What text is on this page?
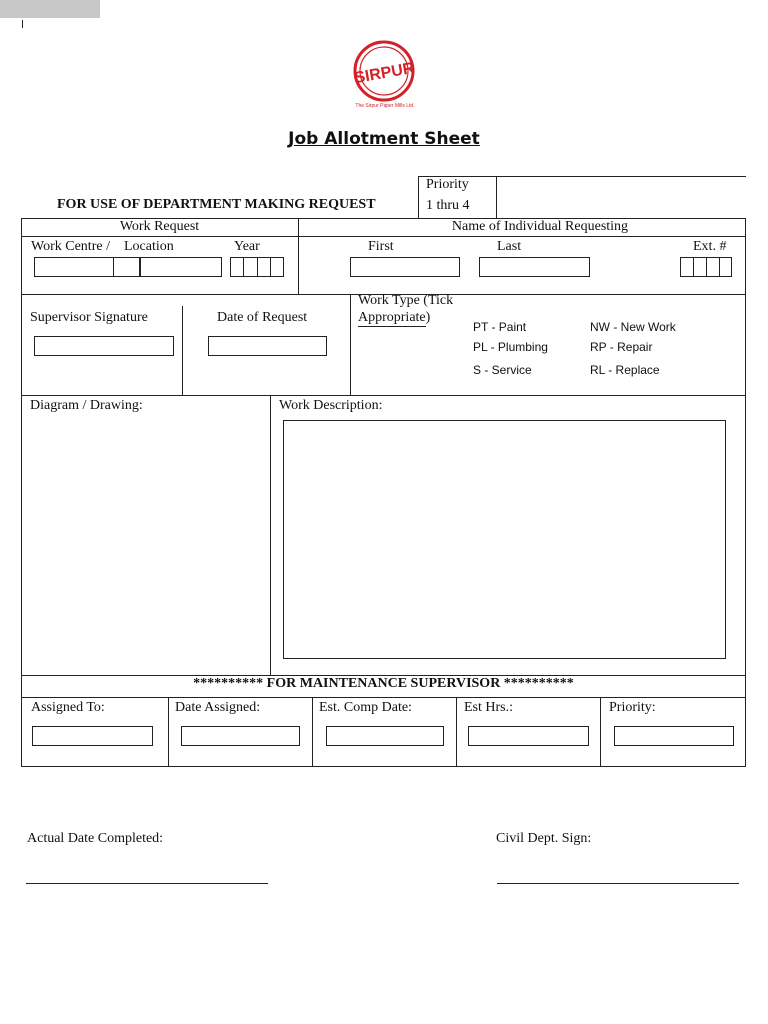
SIRPUR
The Sirpur Paper Mills Ltd.
Job Allotment Sheet
Priority
1 thru 4
FOR USE OF DEPARTMENT MAKING REQUEST
Work Request	Name of Individual Requesting
Work Centre / Location	Year	First	Last	Ext. #
Supervisor Signature	Date of Request
Work Type (Tick
Appropriate)
PT - Paint	NW - New Work
PL - Plumbing	RP - Repair
S - Service	RL - Replace
Diagram / Drawing:	Work Description:
********** FOR MAINTENANCE SUPERVISOR **********
Assigned To:	Date Assigned:	Est. Comp Date:	Est Hrs.:	Priority:
Actual Date Completed:	Civil Dept. Sign:
